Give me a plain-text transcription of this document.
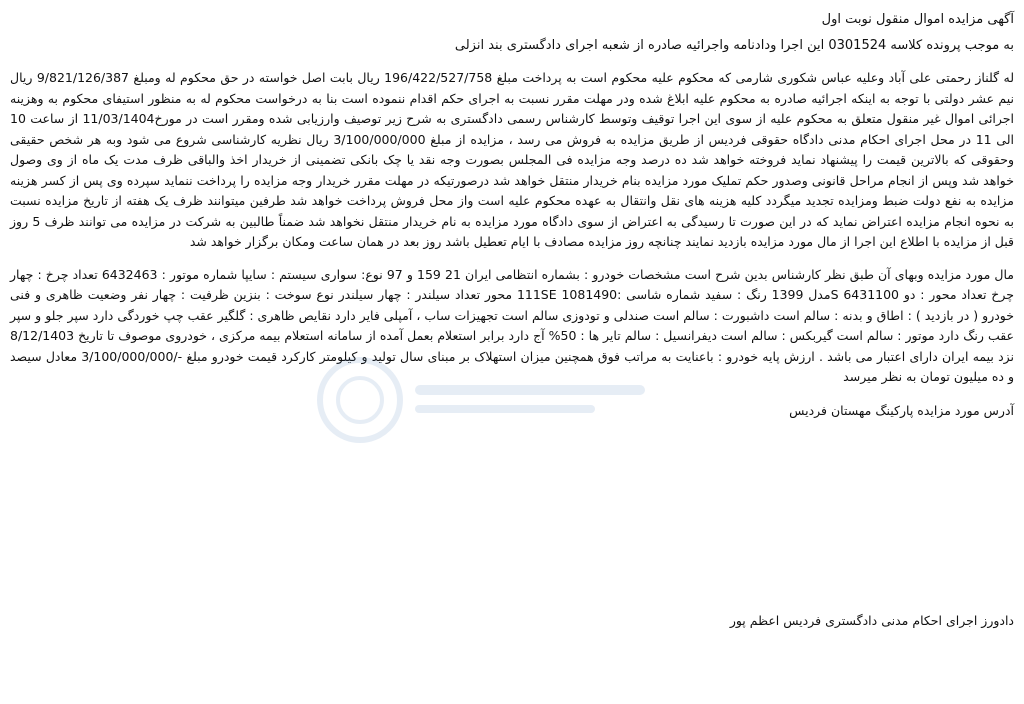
آگهی مزایده اموال منقول نوبت اول

به موجب پرونده کلاسه 0301524 این اجرا ودادنامه واجرائیه صادره از شعبه اجرای دادگستری بند انزلی

له گلناز رحمتی علی آباد وعلیه عباس شکوری شارمی که محکوم علیه محکوم است به پرداخت مبلغ 196/422/527/758 ریال بابت اصل خواسته در حق محکوم له ومبلغ 9/821/126/387 ریال نیم عشر دولتی با توجه به اینکه اجرائیه صادره به محکوم علیه ابلاغ شده ودر مهلت مقرر نسبت به اجرای حکم اقدام ننموده است بنا به درخواست محکوم له به منظور استیفای محکوم به وهزینه اجرائی اموال غیر منقول متعلق به محکوم علیه از سوی این اجرا توقیف وتوسط کارشناس رسمی دادگستری به شرح زیر توصیف وارزیابی شده ومقرر است در مورخ11/03/1404 از ساعت 10 الی 11 در محل اجرای احکام مدنی دادگاه حقوقی فردیس از طریق مزایده به فروش می رسد ، مزایده از مبلغ 3/100/000/000 ریال نظریه کارشناسی شروع می شود وبه هر شخص حقیقی وحقوقی که بالاترین قیمت را پیشنهاد نماید فروخته خواهد شد ده درصد وجه مزایده فی المجلس بصورت وجه نقد یا چک بانکی تضمینی از خریدار اخذ والباقی ظرف مدت یک ماه از وی وصول خواهد شد وپس از انجام مراحل قانونی وصدور حکم تملیک مورد مزایده بنام خریدار منتقل خواهد شد درصورتیکه در مهلت مقرر خریدار وجه مزایده را پرداخت ننماید سپرده وی پس از کسر هزینه مزایده به نفع دولت ضبط ومزایده تجدید میگردد کلیه هزینه های نقل وانتقال به عهده محکوم علیه است واز محل فروش پرداخت خواهد شد طرفین میتوانند ظرف یک هفته از تاریخ مزایده نسبت به نحوه انجام مزایده اعتراض نماید که در این صورت تا رسیدگی به اعتراض از سوی دادگاه مورد مزایده به نام خریدار منتقل نخواهد شد ضمناً طالبین به شرکت در مزایده می توانند ظرف 5 روز قبل از مزایده با اطلاع این اجرا از مال مورد مزایده بازدید نمایند چنانچه روز مزایده مصادف با ایام تعطیل باشد روز بعد در همان ساعت ومکان برگزار خواهد شد

مال مورد مزایده وبهای آن طبق نظر کارشناس بدین شرح است مشخصات خودرو : بشماره انتظامی ایران 21 159 و 97 نوع: سواری سیستم : سایپا شماره موتور : 6432463 تعداد چرخ : چهار چرخ تعداد محور : دو S 6431100مدل 1399 رنگ : سفید شماره شاسی :111SE 1081490 محور تعداد سیلندر : چهار سیلندر نوع سوخت : بنزین ظرفیت : چهار نفر وضعیت ظاهری و فنی خودرو ( در بازدید ) : اطاق و بدنه : سالم است داشبورت : سالم است صندلی و تودوزی سالم است تجهیزات ساب ، آمپلی فایر دارد نقایص ظاهری : گلگیر عقب چپ خوردگی دارد سپر جلو و سپر عقب رنگ دارد موتور : سالم است گیربکس : سالم است دیفرانسیل : سالم تایر ها : 50% آج دارد برابر استعلام بعمل آمده از سامانه استعلام بیمه مرکزی ، خودروی موصوف تا تاریخ 8/12/1403 نزد بیمه ایران دارای اعتبار می باشد . ارزش پایه خودرو : باعنایت به مراتب فوق همچنین میزان استهلاک بر مبنای سال تولید و کیلومتر کارکرد قیمت خودرو مبلغ -/3/100/000/000 معادل سیصد و ده میلیون تومان به نظر میرسد

آدرس مورد مزایده پارکینگ مهستان فردیس

دادورز اجرای احکام مدنی دادگستری فردیس اعظم پور
